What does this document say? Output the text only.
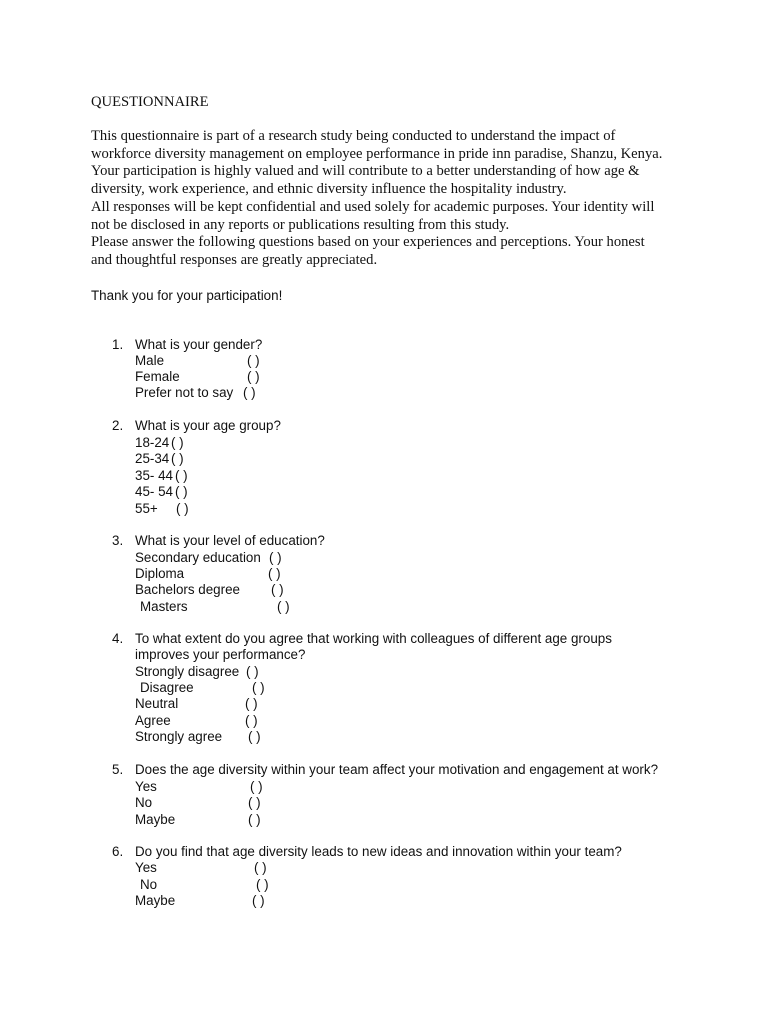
QUESTIONNAIRE
This questionnaire is part of a research study being conducted to understand the impact of
workforce diversity management on employee performance in pride inn paradise, Shanzu, Kenya.
Your participation is highly valued and will contribute to a better understanding of how age &
diversity, work experience, and ethnic diversity influence the hospitality industry.
All responses will be kept confidential and used solely for academic purposes. Your identity will
not be disclosed in any reports or publications resulting from this study.
Please answer the following questions based on your experiences and perceptions. Your honest
and thoughtful responses are greatly appreciated.
Thank you for your participation!
1. What is your gender?
Male	( )
Female	( )
Prefer not to say ( )
2. What is your age group?
18-24 ( )
25-34 ( )
35- 44 ( )
45- 54 ( )
55+ ( )
3. What is your level of education?
Secondary education ( )
Diploma	( )
Bachelors degree ( )
Masters	( )
4. To what extent do you agree that working with colleagues of different age groups
improves your performance?
Strongly disagree ( )
Disagree	( )
Neutral	( )
Agree	( )
Strongly agree ( )
5. Does the age diversity within your team affect your motivation and engagement at work?
Yes	( )
No	( )
Maybe	( )
6. Do you find that age diversity leads to new ideas and innovation within your team?
Yes	( )
No	( )
Maybe	( )
